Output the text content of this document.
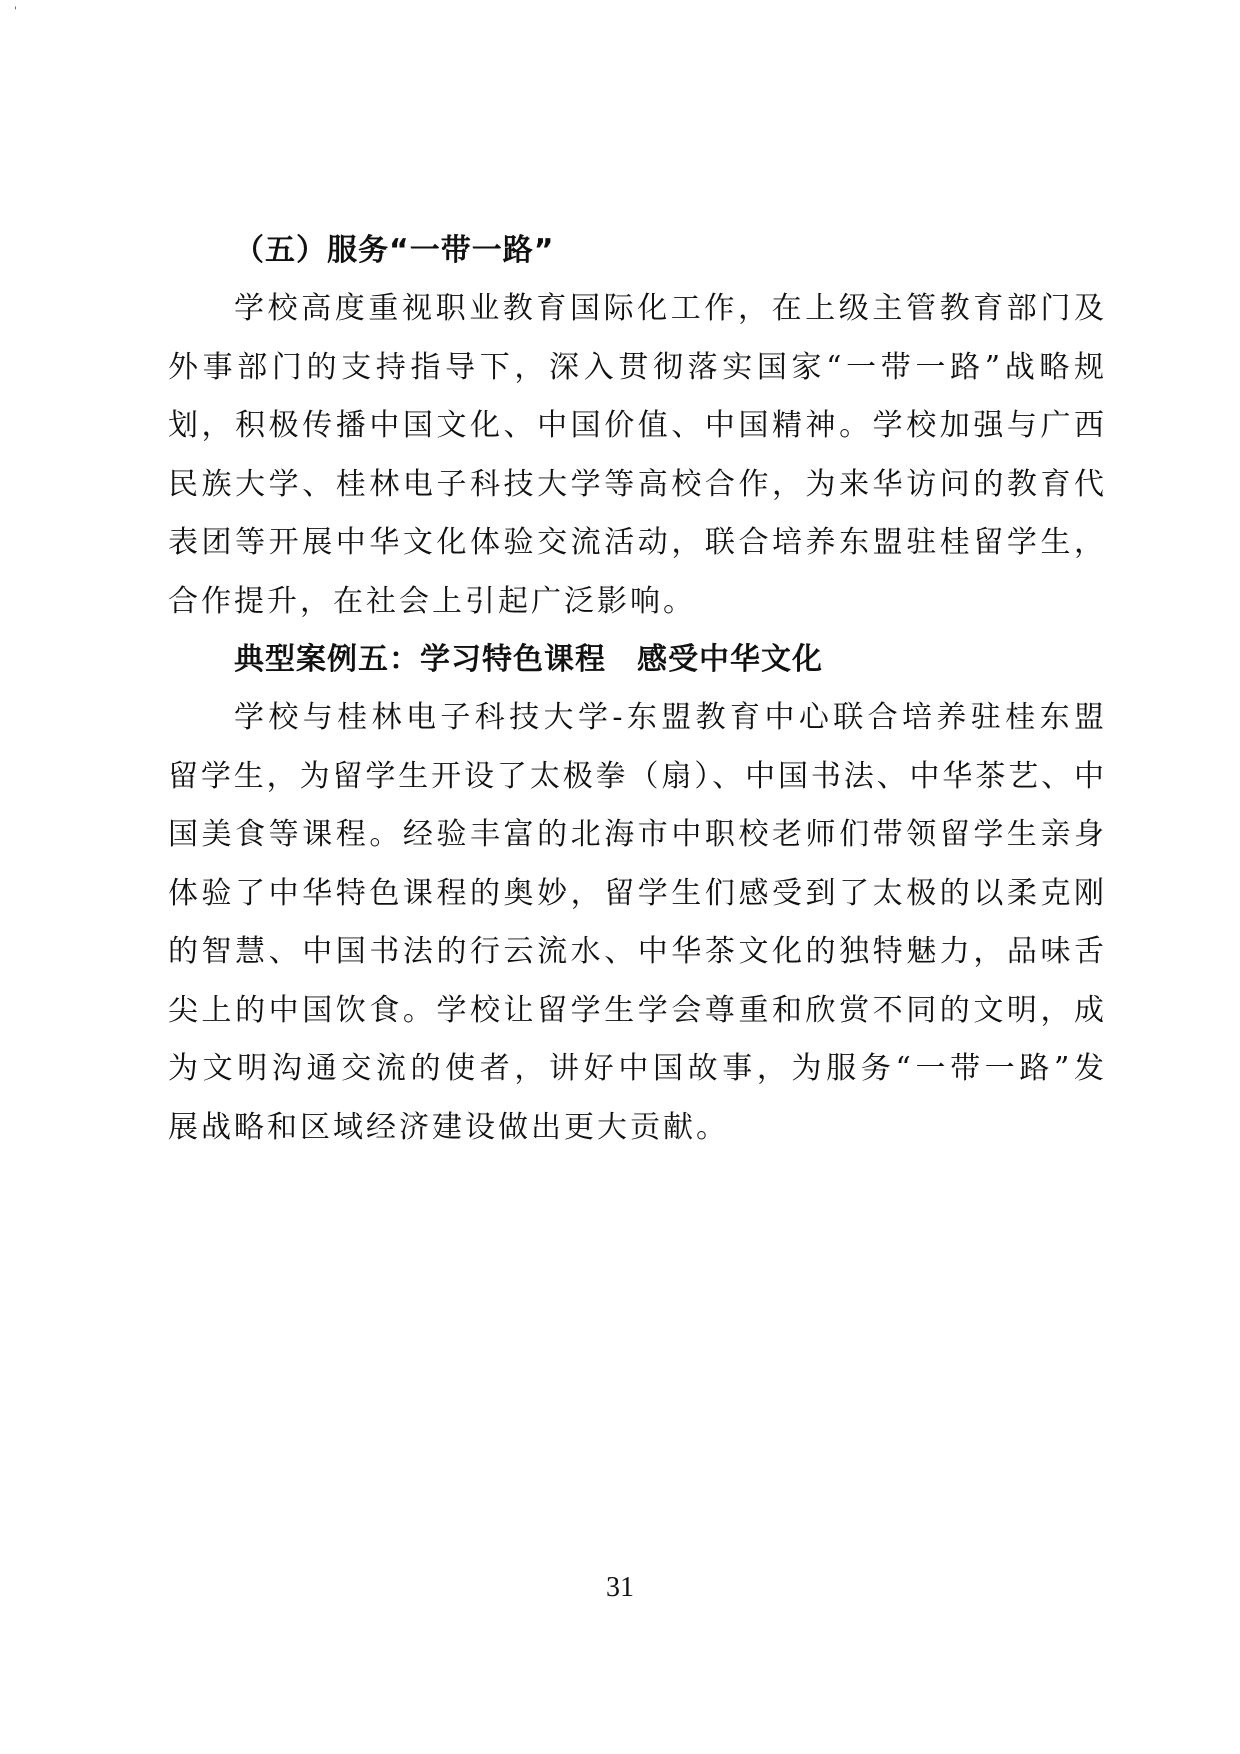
'
（五）服务“一带一路”
学校高度重视职业教育国际化工作，在上级主管教育部门及
外事部门的支持指导下，深入贯彻落实国家“一带一路”战略规
划，积极传播中国文化、中国价值、中国精神。学校加强与广西
民族大学、桂林电子科技大学等高校合作，为来华访问的教育代
表团等开展中华文化体验交流活动，联合培养东盟驻桂留学生，
合作提升，在社会上引起广泛影响。
典型案例五：学习特色课程　感受中华文化
学校与桂林电子科技大学-东盟教育中心联合培养驻桂东盟
留学生，为留学生开设了太极拳（扇）、中国书法、中华茶艺、中
国美食等课程。经验丰富的北海市中职校老师们带领留学生亲身
体验了中华特色课程的奥妙，留学生们感受到了太极的以柔克刚
的智慧、中国书法的行云流水、中华茶文化的独特魅力，品味舌
尖上的中国饮食。学校让留学生学会尊重和欣赏不同的文明，成
为文明沟通交流的使者，讲好中国故事，为服务“一带一路”发
展战略和区域经济建设做出更大贡献。
31
